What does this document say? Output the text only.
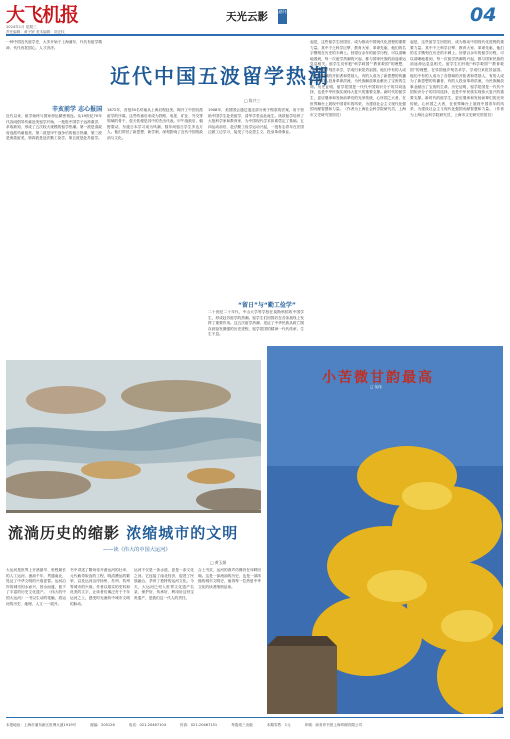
大飞机报
2024年1月 星期三
责任编辑：黄子婷 美术编辑：刘正权
天光云影	副刊	04
一种中国近代留学史，大多开始于上海浦东，代代有留学精神，代代有报国心，人才济济。
近代中国五波留学热潮
□ 陈兴三
辛亥前学 志心报国
近代以来，留学始终与国家命运紧密相连。从19世纪70年代容闳倡导幼童赴美留学开始，一批批中国学子远涉重洋，求取新知，形成了五次较大规模的留学热潮。第一波是清政府选派幼童留美，第二波是甲午战争后的留日热潮，第三波是庚款留美，第四波是赴法勤工俭学，第五波是赴苏留学。
1872年，首批30名幼童从上海启程赴美，揭开了中国官派留学的序幕。这些幼童后来成为铁路、电报、矿业、外交等领域的骨干，詹天佑便是其中的杰出代表。甲午战败后，朝野震动，东渡日本学习成为风潮，数年间留日学生多达万人。他们带回了新思想、新学制，深刻影响了近代中国的政治与文化。
1908年，美国国会通过退还部分庚子赔款的法案，用于资助中国学生赴美留学，清华学堂由此诞生。庚款留学培养了大批科学家和教育家，为中国现代学术体系奠定了基础。五四运动前后，赴法勤工俭学运动兴起，一批有志青年在法国边做工边学习，接受了马克思主义，投身革命事业。
“留日”与“勤工俭学”
二十世纪二十年代，中山大学等学校在莫斯科招收中国学生，形成赴苏留学的热潮。留学生们回国后在各条战线上发挥了重要作用。这五次留学热潮，见证了中华民族从救亡图存到奋发图强的历史进程，留学报国的精神一代代传承，生生不息。
起是，这些留学生回国后，成为推动中国现代化进程的重要力量。其中不乏科学巨擘、教育大家、革命先驱，他们的名字镌刻在历史的丰碑上。回望百余年的留学历程，可以清晰地看到，每一次留学热潮的兴起，都与国家民族的前途命运息息相关。留学生们怀抱“科学救国”“教育救国”的理想，在异国他乡刻苦求学，学成归来报效祖国。他们中有的人成为了各领域的开拓者和奠基人，有的人成为了新思想的传播者，有的人投身革命洪流，为民族解放事业献出了宝贵的生命。历史证明，留学报国是一代代中国知识分子的共同选择，也是中华民族实现伟大复兴的重要支撑。新时代的留学生，更应继承和发扬前辈们的光荣传统，心怀国之大者，在世界舞台上展现中国青年的风采，为建设社会主义现代化强国贡献智慧和力量。（作者为上海社会科学院研究员，上海市文史研究馆馆员）
起是，这些留学生回国后，成为推动中国现代化进程的重要力量。其中不乏科学巨擘、教育大家、革命先驱，他们的名字镌刻在历史的丰碑上。回望百余年的留学历程，可以清晰地看到，每一次留学热潮的兴起，都与国家民族的前途命运息息相关。留学生们怀抱“科学救国”“教育救国”的理想，在异国他乡刻苦求学，学成归来报效祖国。他们中有的人成为了各领域的开拓者和奠基人，有的人成为了新思想的传播者，有的人投身革命洪流，为民族解放事业献出了宝贵的生命。历史证明，留学报国是一代代中国知识分子的共同选择，也是中华民族实现伟大复兴的重要支撑。新时代的留学生，更应继承和发扬前辈们的光荣传统，心怀国之大者，在世界舞台上展现中国青年的风采，为建设社会主义现代化强国贡献智慧和力量。（作者为上海社会科学院研究员，上海市文史研究馆馆员）
流淌历史的缩影 浓缩城市的文明
——读《伟大的中国大运河》
□ 黄玉娟
大运河是世界上开凿最早、里程最长的人工运河，流淌千年，贯通南北，见证了中华文明的兴衰更替。运河沿岸的城市因水而兴，因水而盛，留下了丰富的历史文化遗产。《伟大的中国大运河》一书以生动的笔触，将运河的历史、地理、人文一一展开。
书中讲述了隋炀帝开凿运河的壮举，元代截弯取直的工程，明清漕运的繁荣，以及运河沿岸扬州、苏州、杭州等城市的兴衰。作者以翔实的史料和优美的文字，让读者仿佛泛舟于千年运河之上，感受时光流转中城市文明的脉动。
运河不仅是一条水道，更是一条文化之河。它连接了南北经济，促进了民族融合，孕育了独特的运河文化。今天，大运河已列入世界文化遗产名录，保护好、传承好、利用好这份宝贵遗产，是我们这一代人的责任。
合上书页，运河的涛声仿佛仍在耳畔回响。这是一部流淌的历史，也是一部浓缩的城市文明史，值得每一位热爱中华文化的读者细细品读。
小苦微甘韵最高
□ 吴伟
本报地址：上海市浦东新区世博大道1919号	邮编：200126	电话：021-20467104	传真：021-20467151	每逢周三出版	本期零售：1元	印刷：商务印书馆上海印刷有限公司
